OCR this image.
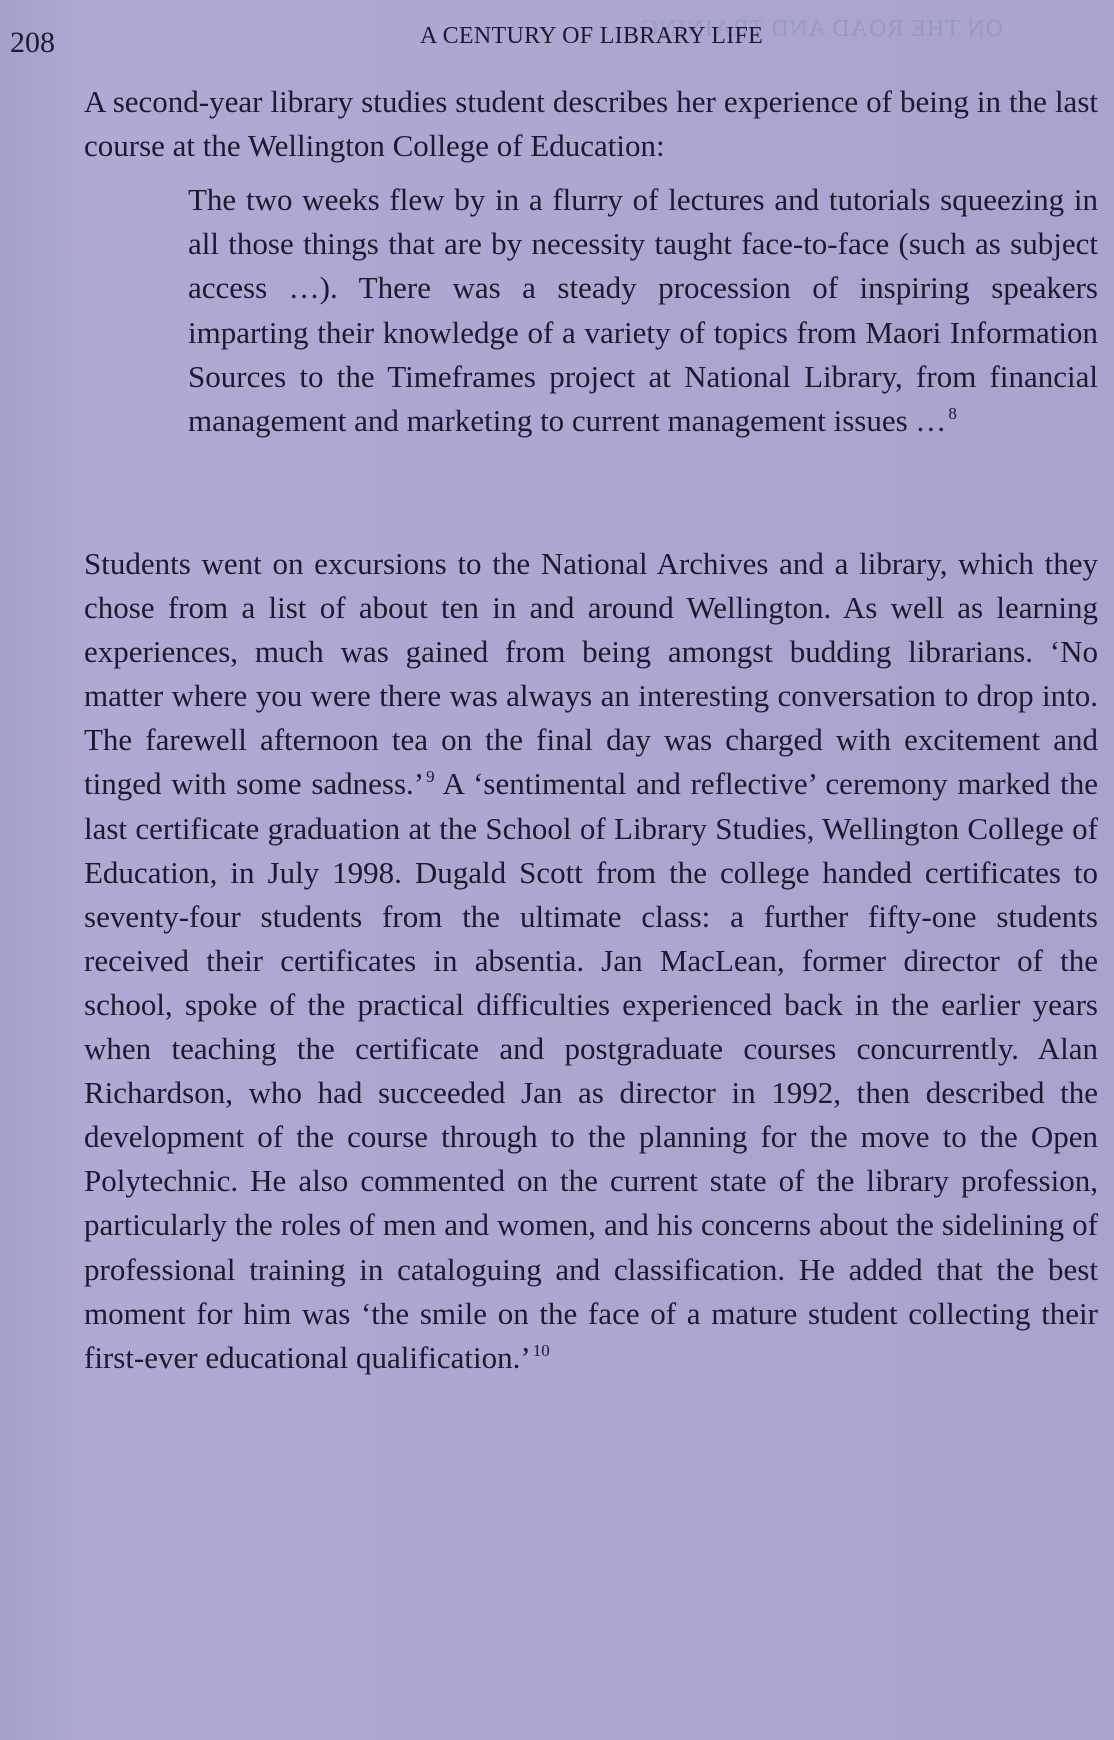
ON THE ROAD AND TRAINING
208	A CENTURY OF LIBRARY LIFE

A second-year library studies student describes her experience of being in the last course at the Wellington College of Education:

The two weeks flew by in a flurry of lectures and tutorials squeezing in all those things that are by necessity taught face-to-face (such as subject access …). There was a steady procession of inspiring speakers imparting their knowledge of a variety of topics from Maori Information Sources to the Timeframes project at National Library, from financial management and marketing to current management issues … $^8$

Students went on excursions to the National Archives and a library, which they chose from a list of about ten in and around Wellington. As well as learning experiences, much was gained from being amongst budding librarians. ‘No matter where you were there was always an interesting conversation to drop into. The farewell afternoon tea on the final day was charged with excitement and tinged with some sadness.’ $^9$ A ‘sentimental and reflective’ ceremony marked the last certificate graduation at the School of Library Studies, Wellington College of Education, in July 1998. Dugald Scott from the college handed certificates to seventy-four students from the ultimate class: a further fifty-one students received their certificates in absentia. Jan MacLean, former director of the school, spoke of the practical difficulties experienced back in the earlier years when teaching the certificate and postgraduate courses concurrently. Alan Richardson, who had succeeded Jan as director in 1992, then described the development of the course through to the planning for the move to the Open Polytechnic. He also commented on the current state of the library profession, particularly the roles of men and women, and his concerns about the sidelining of professional training in cataloguing and classification. He added that the best moment for him was ‘the smile on the face of a mature student collecting their first-ever educational qualification.’ $^{10}$
